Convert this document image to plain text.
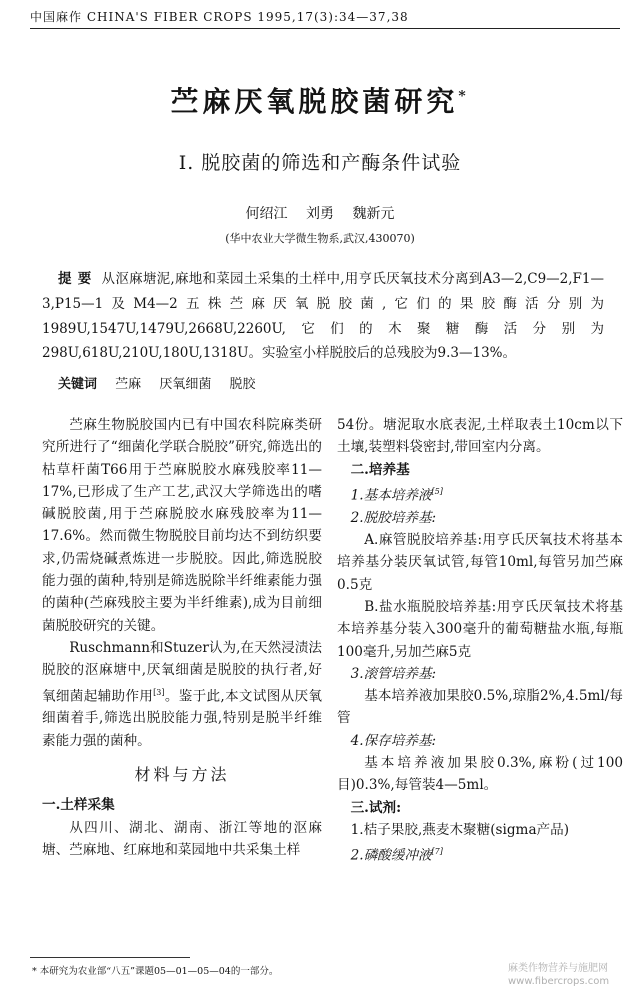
中国麻作 CHINA'S FIBER CROPS 1995,17(3):34—37,38
苎麻厌氧脱胶菌研究*
I. 脱胶菌的筛选和产酶条件试验
何绍江 刘勇 魏新元
(华中农业大学微生物系,武汉,430070)
提要 从沤麻塘泥,麻地和菜园土采集的土样中,用亨氏厌氧技术分离到A3—2,C9—2,F1—3,P15—1及M4—2五株苎麻厌氧脱胶菌,它们的果胶酶活分别为1989U,1547U,1479U,2668U,2260U,它们的木聚糖酶活分别为298U,618U,210U,180U,1318U。实验室小样脱胶后的总残胶为9.3—13%。
关键词 苎麻 厌氧细菌 脱胶

苎麻生物脱胶国内已有中国农科院麻类研究所进行了“细菌化学联合脱胶”研究,筛选出的枯草杆菌T66用于苎麻脱胶水麻残胶率11—17%,已形成了生产工艺,武汉大学筛选出的嗜碱脱胶菌,用于苎麻脱胶水麻残胶率为11—17.6%。然而微生物脱胶目前均达不到纺织要求,仍需烧碱煮炼进一步脱胶。因此,筛选脱胶能力强的菌种,特别是筛选脱除半纤维素能力强的菌种(苎麻残胶主要为半纤维素),成为目前细菌脱胶研究的关键。

Ruschmann和Stuzer认为,在天然浸渍法脱胶的沤麻塘中,厌氧细菌是脱胶的执行者,好氧细菌起辅助作用[3]。鉴于此,本文试图从厌氧细菌着手,筛选出脱胶能力强,特别是脱半纤维素能力强的菌种。

材料与方法

一.土样采集

从四川、湖北、湖南、浙江等地的沤麻塘、苎麻地、红麻地和菜园地中共采集土样

54份。塘泥取水底表泥,土样取表土10cm以下土壤,装塑料袋密封,带回室内分离。

二.培养基

1.基本培养液[5]

2.脱胶培养基:

A.麻管脱胶培养基:用亨氏厌氧技术将基本培养基分装厌氧试管,每管10ml,每管另加苎麻0.5克

B.盐水瓶脱胶培养基:用亨氏厌氧技术将基本培养基分装入300毫升的葡萄糖盐水瓶,每瓶100毫升,另加苎麻5克

3.滚管培养基:

基本培养液加果胶0.5%,琼脂2%,4.5ml/每管

4.保存培养基:

基本培养液加果胶0.3%,麻粉(过100目)0.3%,每管装4—5ml。

三.试剂:

1.桔子果胶,燕麦木聚糖(sigma产品)

2.磷酸缓冲液[7]

* 本研究为农业部“八五”课题05—01—05—04的一部分。	麻类作物营养与施肥网
www.fibercrops.com
